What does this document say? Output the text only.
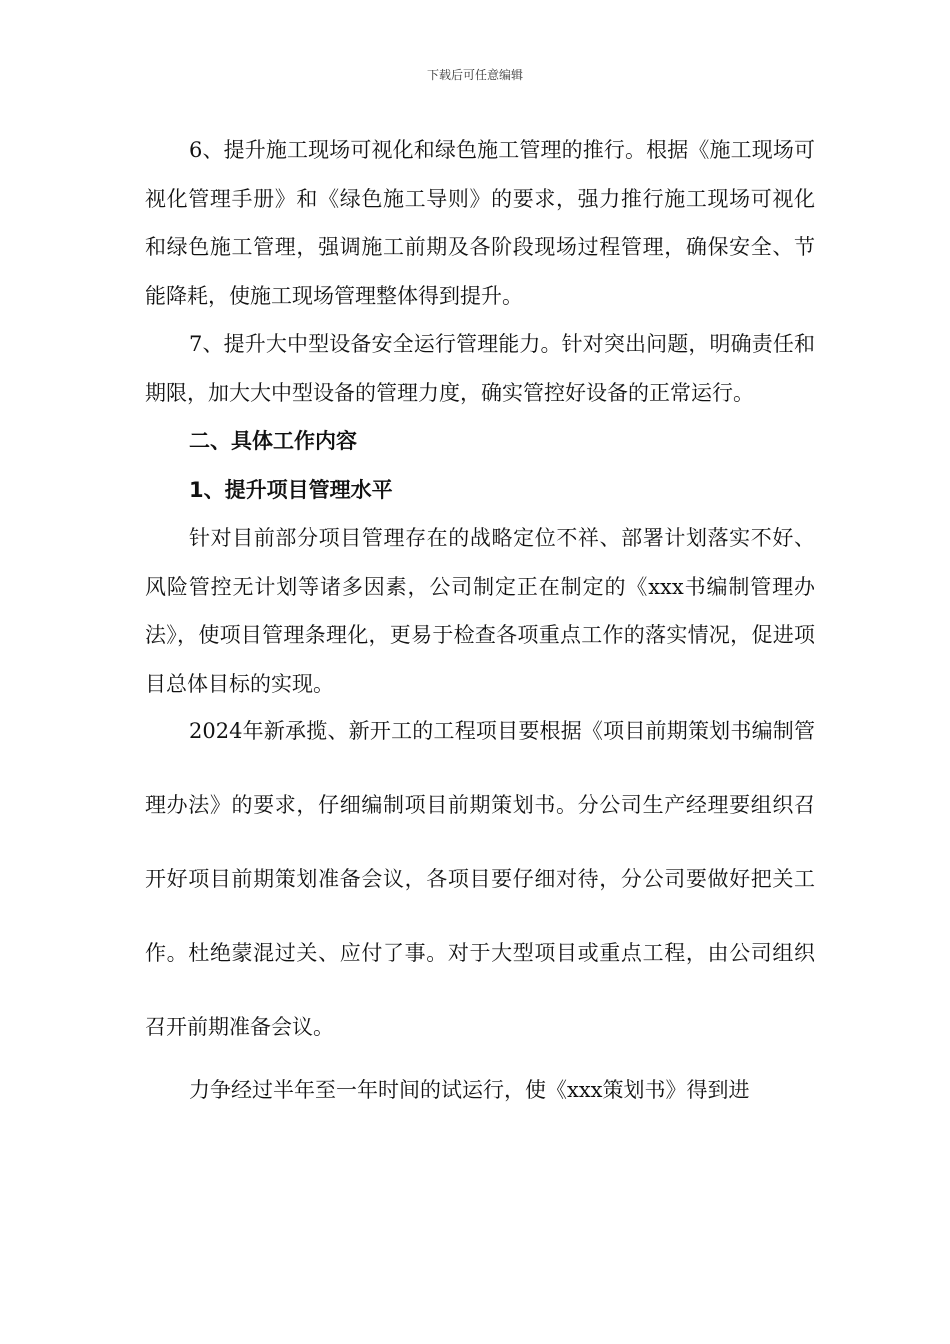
下载后可任意编辑

6、提升施工现场可视化和绿色施工管理的推行。根据《施工现场可视化管理手册》和《绿色施工导则》的要求，强力推行施工现场可视化和绿色施工管理，强调施工前期及各阶段现场过程管理，确保安全、节能降耗，使施工现场管理整体得到提升。

7、提升大中型设备安全运行管理能力。针对突出问题，明确责任和期限，加大大中型设备的管理力度，确实管控好设备的正常运行。

二、具体工作内容

1、提升项目管理水平

针对目前部分项目管理存在的战略定位不祥、部署计划落实不好、风险管控无计划等诸多因素，公司制定正在制定的《xxx书编制管理办法》，使项目管理条理化，更易于检查各项重点工作的落实情况，促进项目总体目标的实现。

2024年新承揽、新开工的工程项目要根据《项目前期策划书编制管理办法》的要求，仔细编制项目前期策划书。分公司生产经理要组织召开好项目前期策划准备会议，各项目要仔细对待，分公司要做好把关工作。杜绝蒙混过关、应付了事。对于大型项目或重点工程，由公司组织召开前期准备会议。

力争经过半年至一年时间的试运行，使《xxx策划书》得到进
